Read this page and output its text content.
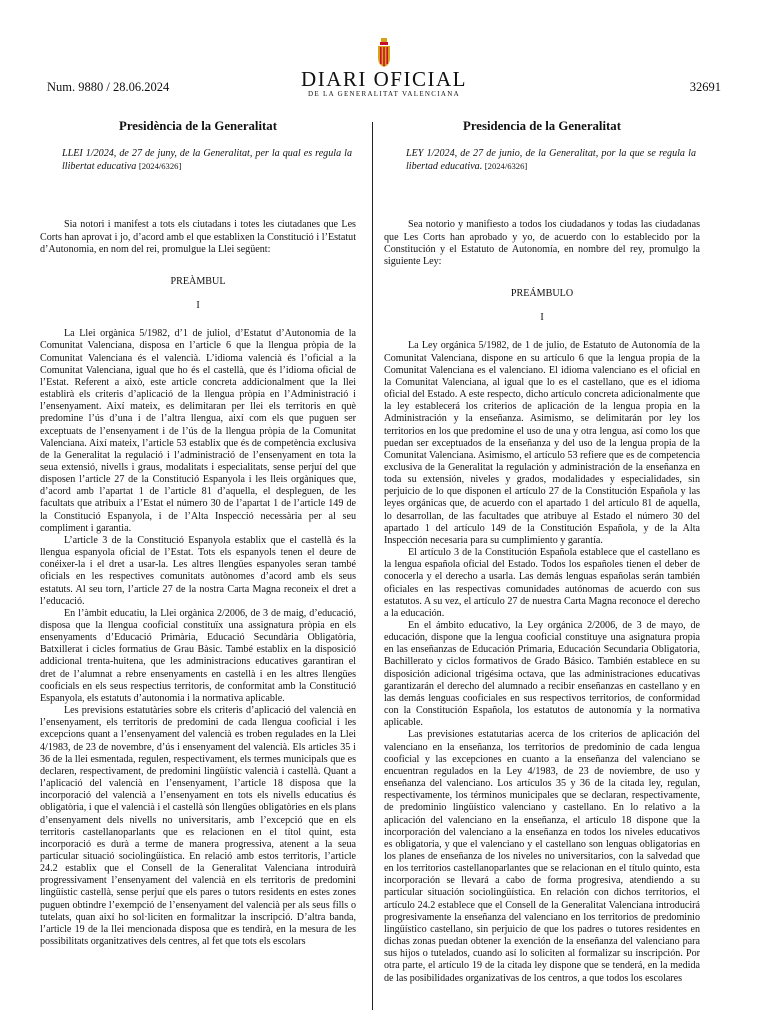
Num. 9880 / 28.06.2024	DIARI OFICIAL
DE LA GENERALITAT VALENCIANA	32691
Presidència de la Generalitat
LLEI 1/2024, de 27 de juny, de la Generalitat, per la qual es regula la llibertat educativa [2024/6326]

Sia notori i manifest a tots els ciutadans i totes les ciutadanes que Les Corts han aprovat i jo, d’acord amb el que establixen la Constitució i l’Estatut d’Autonomia, en nom del rei, promulgue la Llei següent:

PREÀMBUL

I

La Llei orgànica 5/1982, d’1 de juliol, d’Estatut d’Autonomia de la Comunitat Valenciana, disposa en l’article 6 que la llengua pròpia de la Comunitat Valenciana és el valencià. L’idioma valencià és l’oficial a la Comunitat Valenciana, igual que ho és el castellà, que és l’idioma oficial de l’Estat. Referent a això, este article concreta addicionalment que la llei establirà els criteris d’aplicació de la llengua pròpia en l’Administració i l’ensenyament. Així mateix, es delimitaran per llei els territoris en què predomine l’ús d’una i de l’altra llengua, així com els que puguen ser exceptuats de l’ensenyament i de l’ús de la llengua pròpia de la Comunitat Valenciana. Així mateix, l’article 53 establix que és de competència exclusiva de la Generalitat la regulació i l’administració de l’ensenyament en tota la seua extensió, nivells i graus, modalitats i especialitats, sense perjuí del que disposen l’article 27 de la Constitució Espanyola i les lleis orgàniques que, d’acord amb l’apartat 1 de l’article 81 d’aquella, el despleguen, de les facultats que atribuix a l’Estat el número 30 de l’apartat 1 de l’article 149 de la Constitució Espanyola, i de l’Alta Inspecció necessària per al seu compliment i garantia.

L’article 3 de la Constitució Espanyola establix que el castellà és la llengua espanyola oficial de l’Estat. Tots els espanyols tenen el deure de conéixer-la i el dret a usar-la. Les altres llengües espanyoles seran també oficials en les respectives comunitats autònomes d’acord amb els seus estatuts. Al seu torn, l’article 27 de la nostra Carta Magna reconeix el dret a l’educació.

En l’àmbit educatiu, la Llei orgànica 2/2006, de 3 de maig, d’educació, disposa que la llengua cooficial constituïx una assignatura pròpia en els ensenyaments d’Educació Primària, Educació Secundària Obligatòria, Batxillerat i cicles formatius de Grau Bàsic. També establix en la disposició addicional trenta-huitena, que les administracions educatives garantiran el dret de l’alumnat a rebre ensenyaments en castellà i en les altres llengües cooficials en els seus respectius territoris, de conformitat amb la Constitució Espanyola, els estatuts d’autonomia i la normativa aplicable.

Les previsions estatutàries sobre els criteris d’aplicació del valencià en l’ensenyament, els territoris de predomini de cada llengua cooficial i les excepcions quant a l’ensenyament del valencià es troben regulades en la Llei 4/1983, de 23 de novembre, d’ús i ensenyament del valencià. Els articles 35 i 36 de la llei esmentada, regulen, respectivament, els termes municipals que es declaren, respectivament, de predomini lingüístic valencià i castellà. Quant a l’aplicació del valencià en l’ensenyament, l’article 18 disposa que la incorporació del valencià a l’ensenyament en tots els nivells educatius és obligatòria, i que el valencià i el castellà són llengües obligatòries en els plans d’ensenyament dels nivells no universitaris, amb l’excepció que en els territoris castellanoparlants que es relacionen en el títol quint, esta incorporació es durà a terme de manera progressiva, atenent a la seua particular situació sociolingüística. En relació amb estos territoris, l’article 24.2 establix que el Consell de la Generalitat Valenciana introduirà progressivament l’ensenyament del valencià en els territoris de predomini lingüístic castellà, sense perjuí que els pares o tutors residents en estes zones puguen obtindre l’exempció de l’ensenyament del valencià per als seus fills o tutelats, quan així ho sol·liciten en formalitzar la inscripció. D’altra banda, l’article 19 de la llei mencionada disposa que es tendirà, en la mesura de les possibilitats organitzatives dels centres, al fet que tots els escolars

Presidencia de la Generalitat
LEY 1/2024, de 27 de junio, de la Generalitat, por la que se regula la libertad educativa. [2024/6326]

Sea notorio y manifiesto a todos los ciudadanos y todas las ciudadanas que Les Corts han aprobado y yo, de acuerdo con lo establecido por la Constitución y el Estatuto de Autonomía, en nombre del rey, promulgo la siguiente Ley:

PREÁMBULO

I

La Ley orgánica 5/1982, de 1 de julio, de Estatuto de Autonomía de la Comunitat Valenciana, dispone en su artículo 6 que la lengua propia de la Comunitat Valenciana es el valenciano. El idioma valenciano es el oficial en la Comunitat Valenciana, al igual que lo es el castellano, que es el idioma oficial del Estado. A este respecto, dicho artículo concreta adicionalmente que la ley establecerá los criterios de aplicación de la lengua propia en la Administración y la enseñanza. Asimismo, se delimitarán por ley los territorios en los que predomine el uso de una y otra lengua, así como los que puedan ser exceptuados de la enseñanza y del uso de la lengua propia de la Comunitat Valenciana. Asimismo, el artículo 53 refiere que es de competencia exclusiva de la Generalitat la regulación y administración de la enseñanza en toda su extensión, niveles y grados, modalidades y especialidades, sin perjuicio de lo que disponen el artículo 27 de la Constitución Española y las leyes orgánicas que, de acuerdo con el apartado 1 del artículo 81 de aquella, lo desarrollan, de las facultades que atribuye al Estado el número 30 del apartado 1 del artículo 149 de la Constitución Española, y de la Alta Inspección necesaria para su cumplimiento y garantía.

El artículo 3 de la Constitución Española establece que el castellano es la lengua española oficial del Estado. Todos los españoles tienen el deber de conocerla y el derecho a usarla. Las demás lenguas españolas serán también oficiales en las respectivas comunidades autónomas de acuerdo con sus estatutos. A su vez, el artículo 27 de nuestra Carta Magna reconoce el derecho a la educación.

En el ámbito educativo, la Ley orgánica 2/2006, de 3 de mayo, de educación, dispone que la lengua cooficial constituye una asignatura propia en las enseñanzas de Educación Primaria, Educación Secundaria Obligatoria, Bachillerato y ciclos formativos de Grado Básico. También establece en su disposición adicional trigésima octava, que las administraciones educativas garantizarán el derecho del alumnado a recibir enseñanzas en castellano y en las demás lenguas cooficiales en sus respectivos territorios, de conformidad con la Constitución Española, los estatutos de autonomía y la normativa aplicable.

Las previsiones estatutarias acerca de los criterios de aplicación del valenciano en la enseñanza, los territorios de predominio de cada lengua cooficial y las excepciones en cuanto a la enseñanza del valenciano se encuentran regulados en la Ley 4/1983, de 23 de noviembre, de uso y enseñanza del valenciano. Los artículos 35 y 36 de la citada ley, regulan, respectivamente, los términos municipales que se declaran, respectivamente, de predominio lingüístico valenciano y castellano. En lo relativo a la aplicación del valenciano en la enseñanza, el artículo 18 dispone que la incorporación del valenciano a la enseñanza en todos los niveles educativos es obligatoria, y que el valenciano y el castellano son lenguas obligatorias en los planes de enseñanza de los niveles no universitarios, con la salvedad que en los territorios castellanoparlantes que se relacionan en el título quinto, esta incorporación se llevará a cabo de forma progresiva, atendiendo a su particular situación sociolingüística. En relación con dichos territorios, el artículo 24.2 establece que el Consell de la Generalitat Valenciana introducirá progresivamente la enseñanza del valenciano en los territorios de predominio lingüístico castellano, sin perjuicio de que los padres o tutores residentes en dichas zonas puedan obtener la exención de la enseñanza del valenciano para sus hijos o tutelados, cuando así lo soliciten al formalizar su inscripción. Por otra parte, el artículo 19 de la citada ley dispone que se tenderá, en la medida de las posibilidades organizativas de los centros, a que todos los escolares
